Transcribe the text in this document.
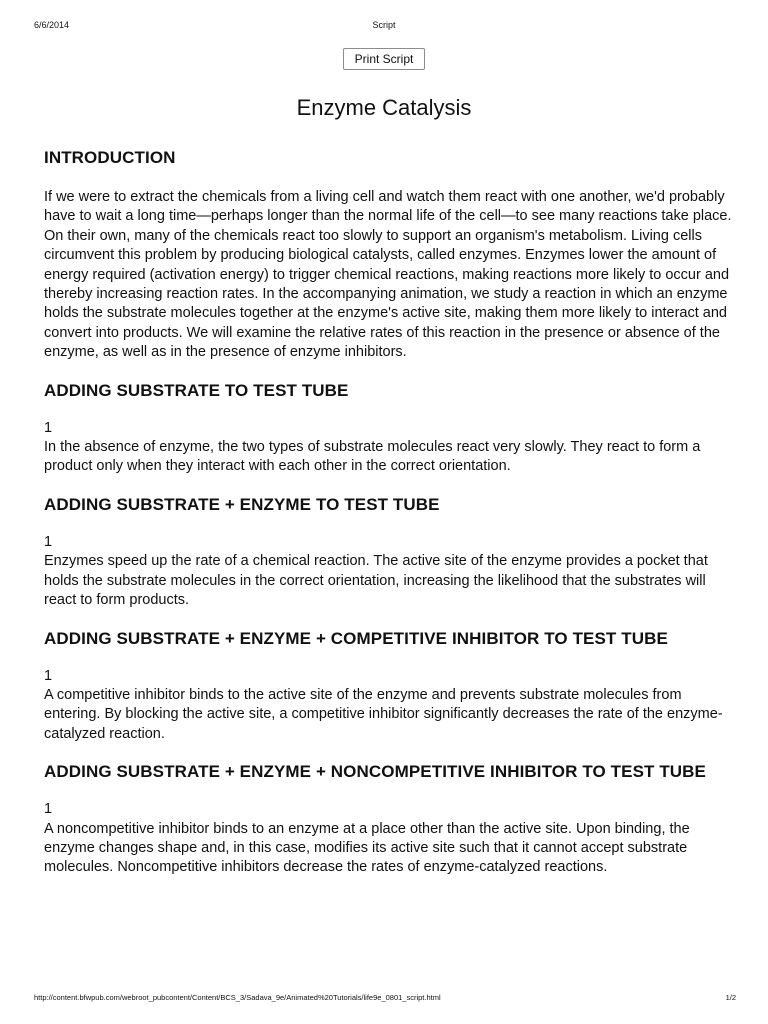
6/6/2014	Script
Print Script
Enzyme Catalysis
INTRODUCTION

If we were to extract the chemicals from a living cell and watch them react with one another, we'd probably have to wait a long time—perhaps longer than the normal life of the cell—to see many reactions take place. On their own, many of the chemicals react too slowly to support an organism's metabolism. Living cells circumvent this problem by producing biological catalysts, called enzymes. Enzymes lower the amount of energy required (activation energy) to trigger chemical reactions, making reactions more likely to occur and thereby increasing reaction rates. In the accompanying animation, we study a reaction in which an enzyme holds the substrate molecules together at the enzyme's active site, making them more likely to interact and convert into products. We will examine the relative rates of this reaction in the presence or absence of the enzyme, as well as in the presence of enzyme inhibitors.

ADDING SUBSTRATE TO TEST TUBE

1

In the absence of enzyme, the two types of substrate molecules react very slowly. They react to form a product only when they interact with each other in the correct orientation.

ADDING SUBSTRATE + ENZYME TO TEST TUBE

1

Enzymes speed up the rate of a chemical reaction. The active site of the enzyme provides a pocket that holds the substrate molecules in the correct orientation, increasing the likelihood that the substrates will react to form products.

ADDING SUBSTRATE + ENZYME + COMPETITIVE INHIBITOR TO TEST TUBE

1

A competitive inhibitor binds to the active site of the enzyme and prevents substrate molecules from entering. By blocking the active site, a competitive inhibitor significantly decreases the rate of the enzyme-catalyzed reaction.

ADDING SUBSTRATE + ENZYME + NONCOMPETITIVE INHIBITOR TO TEST TUBE

1

A noncompetitive inhibitor binds to an enzyme at a place other than the active site. Upon binding, the enzyme changes shape and, in this case, modifies its active site such that it cannot accept substrate molecules. Noncompetitive inhibitors decrease the rates of enzyme-catalyzed reactions.

http://content.bfwpub.com/webroot_pubcontent/Content/BCS_3/Sadava_9e/Animated%20Tutorials/life9e_0801_script.html	1/2
